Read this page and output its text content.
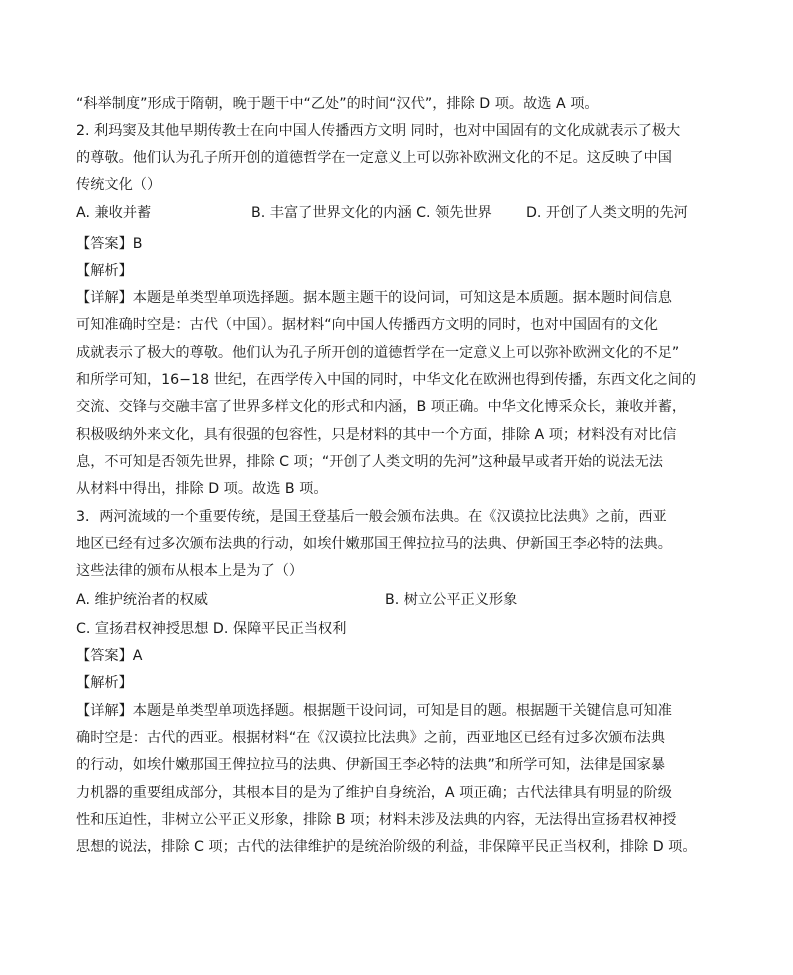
“科举制度”形成于隋朝，晚于题干中“乙处”的时间“汉代”，排除 D 项。故选 A 项。
2. 利玛窦及其他早期传教士在向中国人传播西方文明 同时，也对中国固有的文化成就表示了极大
的尊敬。他们认为孔子所开创的道德哲学在一定意义上可以弥补欧洲文化的不足。这反映了中国
传统文化（）
A. 兼收并蓄	B. 丰富了世界文化的内涵 C. 领先世界 D. 开创了人类文明的先河
【答案】B
【解析】
【详解】本题是单类型单项选择题。据本题主题干的设问词，可知这是本质题。据本题时间信息
可知准确时空是：古代（中国）。据材料“向中国人传播西方文明的同时，也对中国固有的文化
成就表示了极大的尊敬。他们认为孔子所开创的道德哲学在一定意义上可以弥补欧洲文化的不足”
和所学可知，16−18 世纪，在西学传入中国的同时，中华文化在欧洲也得到传播，东西文化之间的
交流、交锋与交融丰富了世界多样文化的形式和内涵，B 项正确。中华文化博采众长，兼收并蓄，
积极吸纳外来文化，具有很强的包容性，只是材料的其中一个方面，排除 A 项；材料没有对比信
息，不可知是否领先世界，排除 C 项；“开创了人类文明的先河”这种最早或者开始的说法无法
从材料中得出，排除 D 项。故选 B 项。
3．两河流域的一个重要传统，是国王登基后一般会颁布法典。在《汉谟拉比法典》之前，西亚
地区已经有过多次颁布法典的行动，如埃什嫩那国王俾拉拉马的法典、伊新国王李必特的法典。
这些法律的颁布从根本上是为了（）
A. 维护统治者的权威	B. 树立公平正义形象
C. 宣扬君权神授思想 D. 保障平民正当权利
【答案】A
【解析】
【详解】本题是单类型单项选择题。根据题干设问词，可知是目的题。根据题干关键信息可知准
确时空是：古代的西亚。根据材料“在《汉谟拉比法典》之前，西亚地区已经有过多次颁布法典
的行动，如埃什嫩那国王俾拉拉马的法典、伊新国王李必特的法典”和所学可知，法律是国家暴
力机器的重要组成部分，其根本目的是为了维护自身统治，A 项正确；古代法律具有明显的阶级
性和压迫性，非树立公平正义形象，排除 B 项；材料未涉及法典的内容，无法得出宣扬君权神授
思想的说法，排除 C 项；古代的法律维护的是统治阶级的利益，非保障平民正当权利，排除 D 项。
